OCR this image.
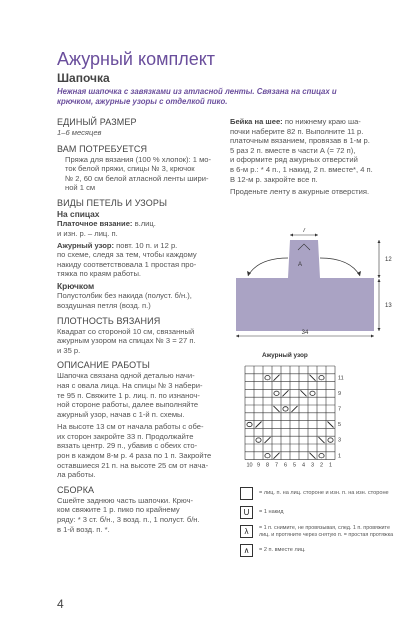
Ажурный комплект
Шапочка
Нежная шапочка с завязками из атласной ленты. Связана на спицах и крючком, ажурные узоры с отделкой пико.
ЕДИНЫЙ РАЗМЕР
1–6 месяцев
ВАМ ПОТРЕБУЕТСЯ
Пряжа для вязания (100 % хлопок): 1 мо-
ток белой пряжи, спицы № 3, крючок
№ 2, 60 см белой атласной ленты шири-
ной 1 см
ВИДЫ ПЕТЕЛЬ И УЗОРЫ
На спицах
Платочное вязание: в.лиц.
и изн. р. – лиц. п.
Ажурный узор: повт. 10 п. и 12 р.
по схеме, следя за тем, чтобы каждому
накиду соответствовала 1 простая про-
тяжка по краям работы.
Крючком
Полустолбик без накида (полуст. б/н.),
воздушная петля (возд. п.)
ПЛОТНОСТЬ ВЯЗАНИЯ
Квадрат со стороной 10 см, связанный
ажурным узором на спицах № 3 = 27 п.
и 35 р.
ОПИСАНИЕ РАБОТЫ
Шапочка связана одной деталью начи-
ная с овала лица. На спицы № 3 набери-
те 95 п. Свяжите 1 р. лиц. п. по изнаноч-
ной стороне работы, далее выполняйте
ажурный узор, начав с 1-й п. схемы.
На высоте 13 см от начала работы с обе-
их сторон закройте 33 п. Продолжайте
вязать центр. 29 п., убавив с обеих сто-
рон в каждом 8-м р. 4 раза по 1 п. Закройте
оставшиеся 21 п. на высоте 25 см от нача-
ла работы.
СБОРКА
Сшейте заднюю часть шапочки. Крюч-
ком свяжите 1 р. пико по крайнему
ряду: * 3 ст. б/н., 3 возд. п., 1 полуст. б/н.
в 1-й возд. п. *.
Бейка на шее: по нижнему краю ша-
почки наберите 82 п. Выполните 11 р.
платочным вязанием, провязав в 1-м р.
5 раз 2 п. вместе в части А (= 72 п),
и оформите ряд ажурных отверстий
в 6-м р.: * 4 п., 1 накид, 2 п. вместе*, 4 п.
В 12-м р. закройте все п.
Проденьте ленту в ажурные отверстия.
7
12
13
34
A
Ажурный узор
11
9
7
5
3
1
10 9 8 7 6 5 4 3 2 1
= лиц. п. на лиц. стороне и изн. п. на изн. стороне
U	= 1 накид
λ	= 1 п. снимите, не провязывая, след. 1 п. провяжите лиц. и протяните через снятую п. = простая протяжка
∧	= 2 п. вместе лиц.
4
